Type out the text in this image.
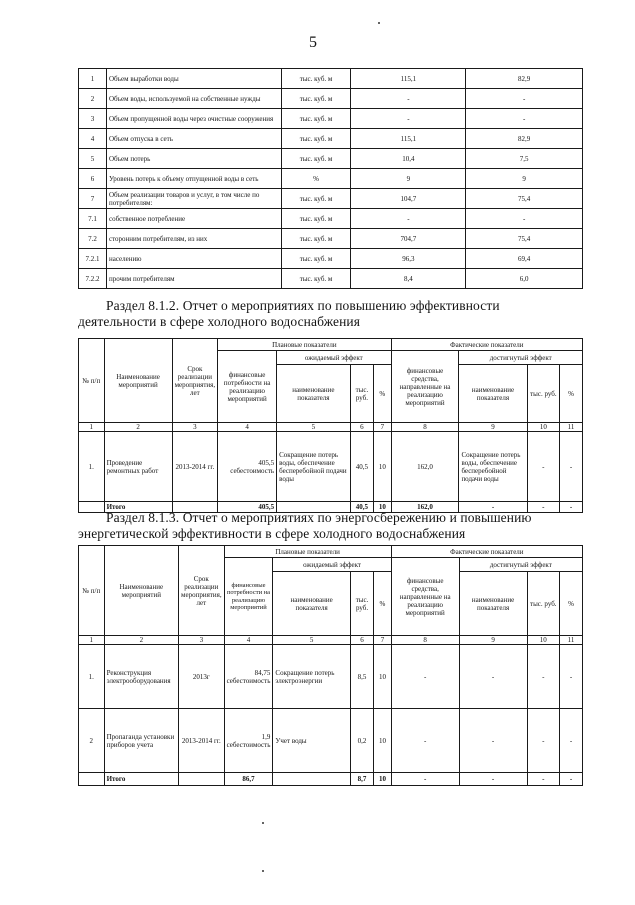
5
1	Объем выработки воды	тыс. куб. м	115,1	82,9
2	Объем воды, используемой на собственные нужды	тыс. куб. м	-	-
3	Объем пропущенной воды через очистные сооружения	тыс. куб. м	-	-
4	Объем отпуска в сеть	тыс. куб. м	115,1	82,9
5	Объем потерь	тыс. куб. м	10,4	7,5
6	Уровень потерь к объему отпущенной воды в сеть	%	9	9
7	Объем реализации товаров и услуг, в том числе по потребителям:	тыс. куб. м	104,7	75,4
7.1	собственное потребление	тыс. куб. м	-	-
7.2	сторонним потребителям, из них	тыс. куб. м	704,7	75,4
7.2.1	населению	тыс. куб. м	96,3	69,4
7.2.2	прочим потребителям	тыс. куб. м	8,4	6,0
Раздел 8.1.2. Отчет о мероприятиях по повышению эффективности
деятельности в сфере холодного водоснабжения
№ п/п	Наименование мероприятий	Срок реализации мероприятия, лет	Плановые показатели				Фактические показатели			
			финансовые потребности на реализацию мероприятий	ожидаемый эффект			финансовые средства, направленные на реализацию мероприятий	достигнутый эффект		
				наименование показателя	тыс. руб.	%		наименование показателя	тыс. руб.	%
1	2	3	4	5	6	7	8	9	10	11
1.	Проведение ремонтных работ	2013-2014 гг.	405,5 себестоимость	Сокращение потерь воды, обеспечение бесперебойной подачи воды	40,5	10	162,0	Сокращение потерь воды, обеспечение бесперебойной подачи воды	-	-
	Итого		405,5		40,5	10	162,0	-	-	-
Раздел 8.1.3. Отчет о мероприятиях по энергосбережению и повышению
энергетической эффективности в сфере холодного водоснабжения
№ п/п	Наименование мероприятий	Срок реализации мероприятия, лет	Плановые показатели				Фактические показатели			
			финансовые потребности на реализацию мероприятий	ожидаемый эффект			финансовые средства, направленные на реализацию мероприятий	достигнутый эффект		
				наименование показателя	тыс. руб.	%		наименование показателя	тыс. руб.	%
1	2	3	4	5	6	7	8	9	10	11
1.	Реконструкция электрооборудования	2013г	84,75 себестоимость	Сокращение потерь электроэнергии	8,5	10	-	-	-	-
2	Пропаганда установки приборов учета	2013-2014 гг.	1,9 себестоимость	Учет воды	0,2	10	-	-	-	-
	Итого		86,7		8,7	10	-	-	-	-
